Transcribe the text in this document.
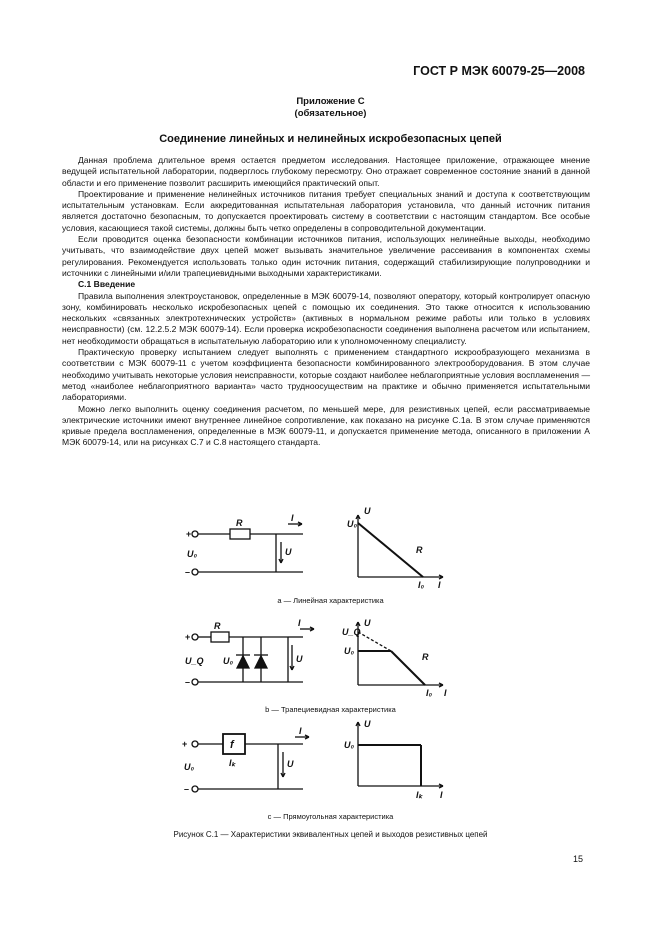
ГОСТ Р МЭК 60079-25—2008
Приложение С
(обязательное)
Соединение линейных и нелинейных искробезопасных цепей

Данная проблема длительное время остается предметом исследования. Настоящее приложение, отражающее мнение ведущей испытательной лаборатории, подверглось глубокому пересмотру. Оно отражает современное состояние знаний в данной области и его применение позволит расширить имеющийся практический опыт.

Проектирование и применение нелинейных источников питания требует специальных знаний и доступа к соответствующим испытательным установкам. Если аккредитованная испытательная лаборатория установила, что данный источник питания является достаточно безопасным, то допускается проектировать систему в соответствии с настоящим стандартом. Все особые условия, касающиеся такой системы, должны быть четко определены в сопроводительной документации.

Если проводится оценка безопасности комбинации источников питания, использующих нелинейные выходы, необходимо учитывать, что взаимодействие двух цепей может вызывать значительное увеличение рассеивания в компонентах схемы регулирования. Рекомендуется использовать только один источник питания, содержащий стабилизирующие полупроводники и источники с линейными и/или трапециевидными выходными характеристиками.

С.1 Введение

Правила выполнения электроустановок, определенные в МЭК 60079-14, позволяют оператору, который контролирует опасную зону, комбинировать несколько искробезопасных цепей с помощью их соединения. Это также относится к использованию нескольких «связанных электротехнических устройств» (активных в нормальном режиме работы или только в условиях неисправности) (см. 12.2.5.2 МЭК 60079-14). Если проверка искробезопасности соединения выполнена расчетом или испытанием, нет необходимости обращаться в испытательную лабораторию или к уполномоченному специалисту.

Практическую проверку испытанием следует выполнять с применением стандартного искрообразующего механизма в соответствии с МЭК 60079-11 с учетом коэффициента безопасности комбинированного электрооборудования. В этом случае необходимо учитывать некоторые условия неисправности, которые создают наиболее неблагоприятные условия воспламенения — метод «наиболее неблагоприятного варианта» часто трудноосуществим на практике и обычно применяется испытательными лабораториями.

Можно легко выполнить оценку соединения расчетом, по меньшей мере, для резистивных цепей, если рассматриваемые электрические источники имеют внутреннее линейное сопротивление, как показано на рисунке С.1а. В этом случае применяются кривые предела воспламенения, определенные в МЭК 60079-11, и допускается применение метода, описанного в приложении А МЭК 60079-14, или на рисунках С.7 и С.8 настоящего стандарта.

+
–
R
U₀	U
I
U
U₀
R
I₀ I
a — Линейная характеристика
+
–
R
U_Q U₀	U
I	U
U_Q
U₀
R
I₀ I
b — Трапециевидная характеристика
+
–
f
Iₖ
U₀	U
I
U
U₀
Iₖ I
c — Прямоугольная характеристика
Рисунок С.1 — Характеристики эквивалентных цепей и выходов резистивных цепей
15
